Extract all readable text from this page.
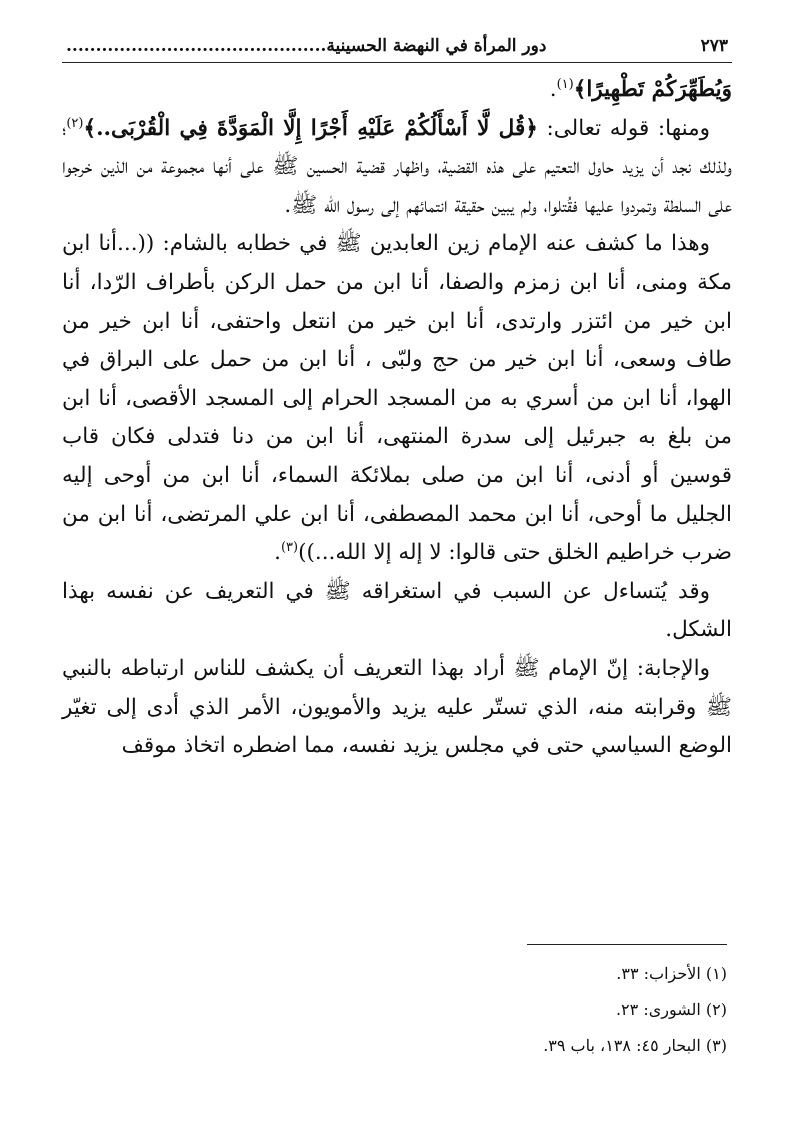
٢٧٣
دور المرأة في النهضة الحسينية............................................

وَيُطَهِّرَكُمْ تَطْهِيرًا﴾$^{(١)}$.

ومنها: قوله تعالى: ﴿قُل لَّا أَسْأَلُكُمْ عَلَيْهِ أَجْرًا إِلَّا الْمَوَدَّةَ فِي الْقُرْبَى..﴾$^{(٢)}$؛ ولذلك نجد أن يزيد حاول التعتيم على هذه القضية، واظهار قضية الحسين ﷺ على أنها مجموعة من الذين خرجوا على السلطة وتمردوا عليها فقُتلوا، ولم يبين حقيقة انتمائهم إلى رسول الله ﷺ.

وهذا ما كشف عنه الإمام زين العابدين ﷺ في خطابه بالشام: ((...أنا ابن مكة ومنى، أنا ابن زمزم والصفا، أنا ابن من حمل الركن بأطراف الرّدا، أنا ابن خير من ائتزر وارتدى، أنا ابن خير من انتعل واحتفى، أنا ابن خير من طاف وسعى، أنا ابن خير من حج ولبّى ، أنا ابن من حمل على البراق في الهوا، أنا ابن من أسري به من المسجد الحرام إلى المسجد الأقصى، أنا ابن من بلغ به جبرئيل إلى سدرة المنتهى، أنا ابن من دنا فتدلى فكان قاب قوسين أو أدنى، أنا ابن من صلى بملائكة السماء، أنا ابن من أوحى إليه الجليل ما أوحى، أنا ابن محمد المصطفى، أنا ابن علي المرتضى، أنا ابن من ضرب خراطيم الخلق حتى قالوا: لا إله إلا الله...))$^{(٣)}$.

وقد يُتساءل عن السبب في استغراقه ﷺ في التعريف عن نفسه بهذا الشكل.

والإجابة: إنّ الإمام ﷺ أراد بهذا التعريف أن يكشف للناس ارتباطه بالنبي ﷺ وقرابته منه، الذي تستّر عليه يزيد والأمويون، الأمر الذي أدى إلى تغيّر الوضع السياسي حتى في مجلس يزيد نفسه، مما اضطره اتخاذ موقف

(١) الأحزاب: ٣٣.
(٢) الشورى: ٢٣.
(٣) البحار ٤٥: ١٣٨، باب ٣٩.
